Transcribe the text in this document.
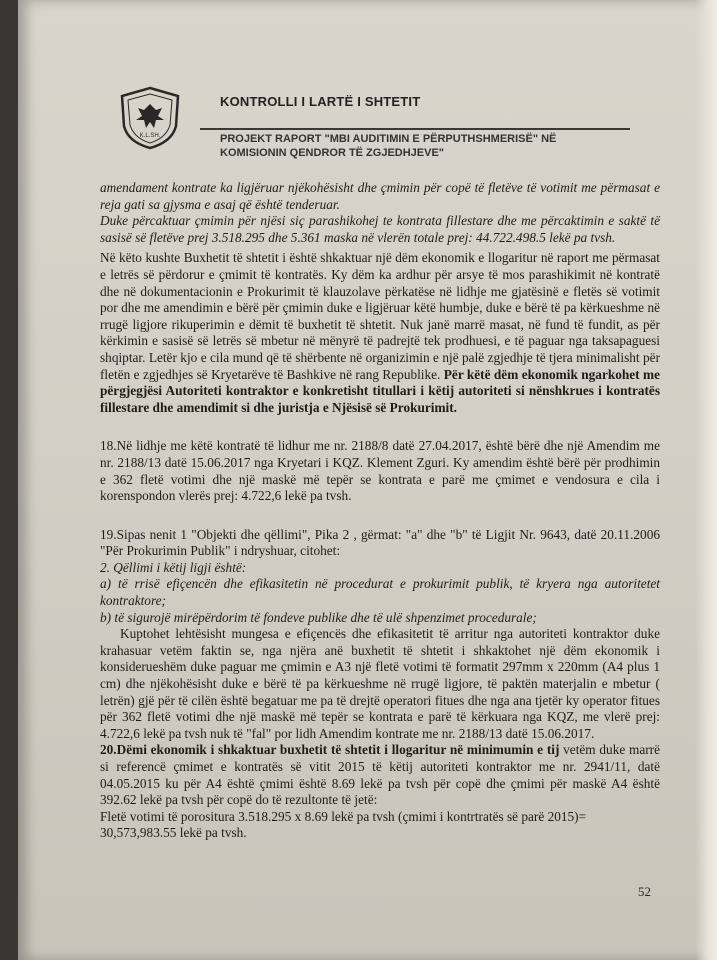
K.L.SH.
KONTROLLI I LARTË I SHTETIT
PROJEKT RAPORT "MBI AUDITIMIN E PËRPUTHSHMERISË" NË KOMISIONIN QENDROR TË ZGJEDHJEVE"

amendament kontrate ka ligjëruar njëkohësisht dhe çmimin për copë të fletëve të votimit me përmasat e reja gati sa gjysma e asaj që është tenderuar.

Duke përcaktuar çmimin për njësi siç parashikohej te kontrata fillestare dhe me përcaktimin e saktë të sasisë së fletëve prej 3.518.295 dhe 5.361 maska në vlerën totale prej: 44.722.498.5 lekë pa tvsh.

Në këto kushte Buxhetit të shtetit i është shkaktuar një dëm ekonomik e llogaritur në raport me përmasat e letrës së përdorur e çmimit të kontratës. Ky dëm ka ardhur për arsye të mos parashikimit në kontratë dhe në dokumentacionin e Prokurimit të klauzolave përkatëse në lidhje me gjatësinë e fletës së votimit por dhe me amendimin e bërë për çmimin duke e ligjëruar këtë humbje, duke e bërë të pa kërkueshme në rrugë ligjore rikuperimin e dëmit të buxhetit të shtetit. Nuk janë marrë masat, në fund të fundit, as për kërkimin e sasisë së letrës së mbetur në mënyrë të padrejtë tek prodhuesi, e të paguar nga taksapaguesi shqiptar. Letër kjo e cila mund që të shërbente në organizimin e një palë zgjedhje të tjera minimalisht për fletën e zgjedhjes së Kryetarëve të Bashkive në rang Republike. Për këtë dëm ekonomik ngarkohet me përgjegjësi Autoriteti kontraktor e konkretisht titullari i këtij autoriteti si nënshkrues i kontratës fillestare dhe amendimit si dhe juristja e Njësisë së Prokurimit.

18.Në lidhje me këtë kontratë të lidhur me nr. 2188/8 datë 27.04.2017, është bërë dhe një Amendim me nr. 2188/13 datë 15.06.2017 nga Kryetari i KQZ. Klement Zguri. Ky amendim është bërë për prodhimin e 362 fletë votimi dhe një maskë më tepër se kontrata e parë me çmimet e vendosura e cila i korenspondon vlerës prej: 4.722,6 lekë pa tvsh.

19.Sipas nenit 1 "Objekti dhe qëllimi", Pika 2 , gërmat: "a" dhe "b" të Ligjit Nr. 9643, datë 20.11.2006 "Për Prokurimin Publik" i ndryshuar, citohet:

2. Qëllimi i këtij ligji është:

a) të rrisë efiçencën dhe efikasitetin në procedurat e prokurimit publik, të kryera nga autoritetet kontraktore;

b) të sigurojë mirëpërdorim të fondeve publike dhe të ulë shpenzimet procedurale;

Kuptohet lehtësisht mungesa e efiçencës dhe efikasitetit të arritur nga autoriteti kontraktor duke krahasuar vetëm faktin se, nga njëra anë buxhetit të shtetit i shkaktohet një dëm ekonomik i konsiderueshëm duke paguar me çmimin e A3 një fletë votimi të formatit 297mm x 220mm (A4 plus 1 cm) dhe njëkohësisht duke e bërë të pa kërkueshme në rrugë ligjore, të paktën materjalin e mbetur ( letrën) gjë për të cilën është begatuar me pa të drejtë operatori fitues dhe nga ana tjetër ky operator fitues për 362 fletë votimi dhe një maskë më tepër se kontrata e parë të kërkuara nga KQZ, me vlerë prej: 4.722,6 lekë pa tvsh nuk të "fal" por lidh Amendim kontrate me nr. 2188/13 datë 15.06.2017.

20.Dëmi ekonomik i shkaktuar buxhetit të shtetit i llogaritur në minimumin e tij vetëm duke marrë si referencë çmimet e kontratës së vitit 2015 të këtij autoriteti kontraktor me nr. 2941/11, datë 04.05.2015 ku për A4 është çmimi është 8.69 lekë pa tvsh për copë dhe çmimi për maskë A4 është 392.62 lekë pa tvsh për copë do të rezultonte të jetë:

Fletë votimi të porositura 3.518.295 x 8.69 lekë pa tvsh (çmimi i kontrtratës së parë 2015)=

30,573,983.55 lekë pa tvsh.

52
